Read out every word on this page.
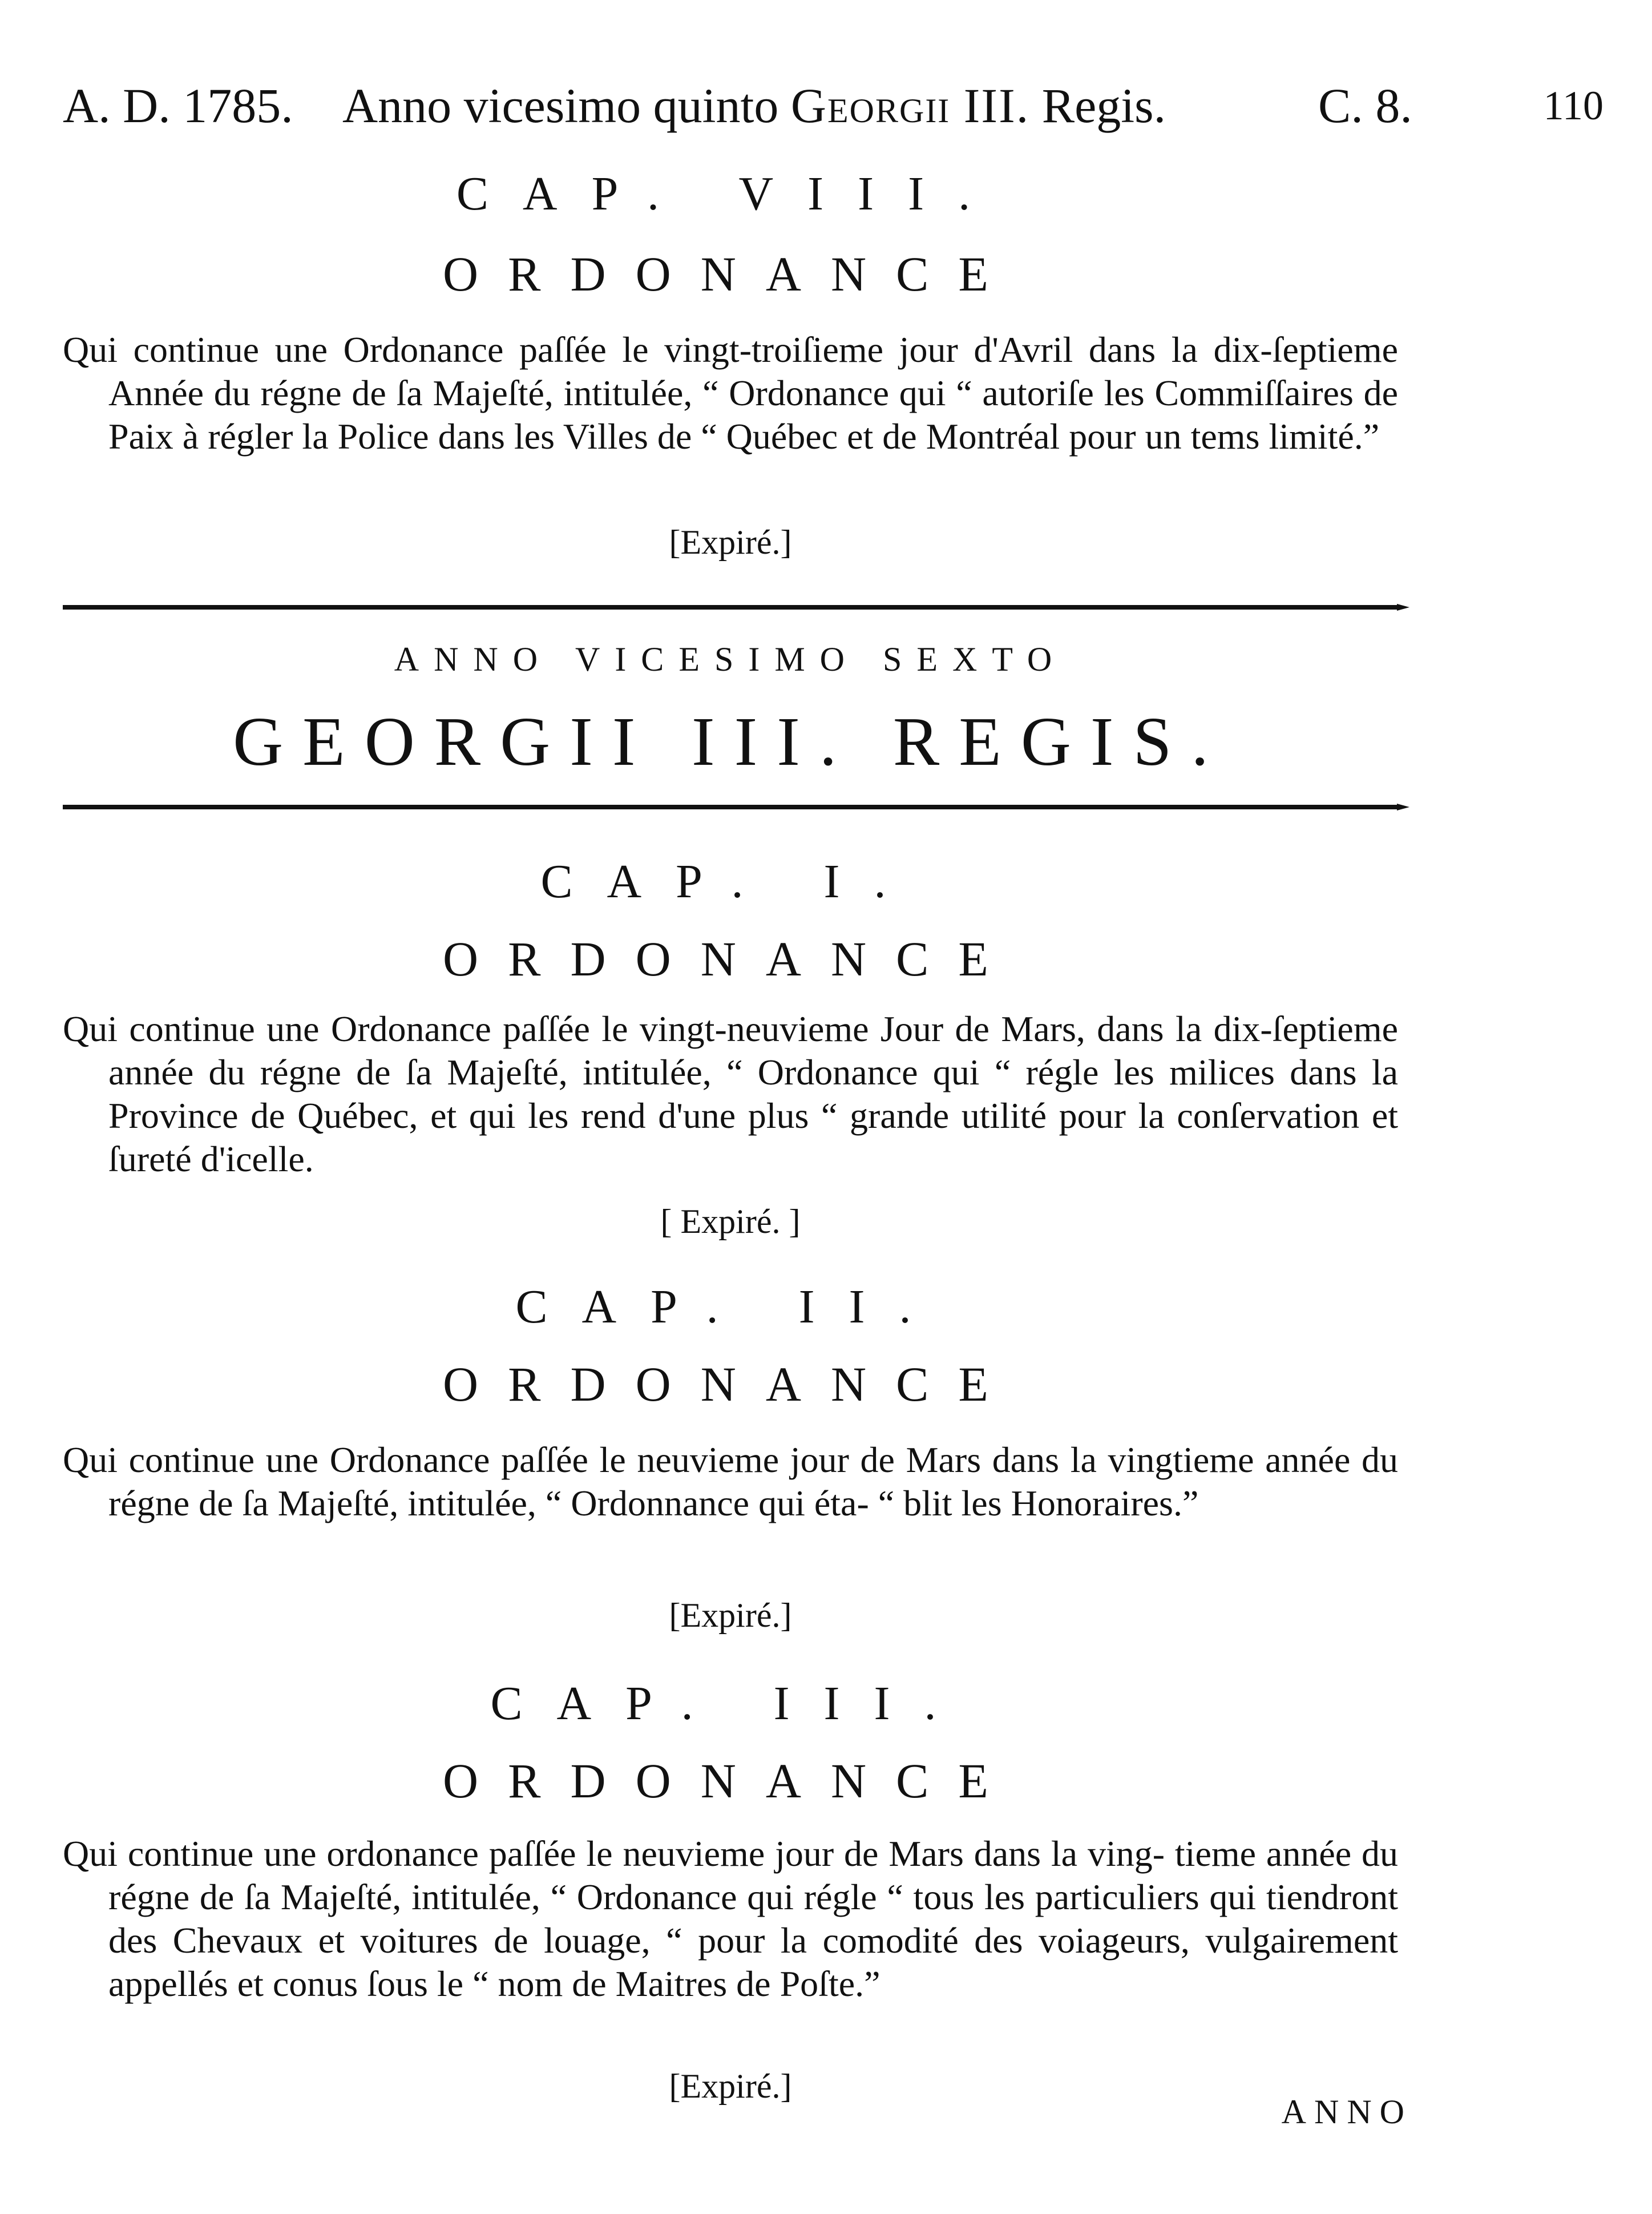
A. D. 1785. Anno vicesimo quinto Georgii III. Regis.	C. 8.	110
CAP. VIII.
ORDONANCE
Qui continue une Ordonance paſſée le vingt-troiſieme jour d'Avril dans la dix-ſeptieme Année du régne de ſa Majeſté, intitulée, “ Ordonance qui “ autoriſe les Commiſſaires de Paix à régler la Police dans les Villes de “ Québec et de Montréal pour un tems limité.”
[Expiré.]
ANNO VICESIMO SEXTO
GEORGII III. REGIS.
CAP. I.
ORDONANCE
Qui continue une Ordonance paſſée le vingt-neuvieme Jour de Mars, dans la dix-ſeptieme année du régne de ſa Majeſté, intitulée, “ Ordonance qui “ régle les milices dans la Province de Québec, et qui les rend d'une plus “ grande utilité pour la conſervation et ſureté d'icelle.
[ Expiré. ]
CAP. II.
ORDONANCE
Qui continue une Ordonance paſſée le neuvieme jour de Mars dans la vingtieme année du régne de ſa Majeſté, intitulée, “ Ordonnance qui éta- “ blit les Honoraires.”
[Expiré.]
CAP. III.
ORDONANCE
Qui continue une ordonance paſſée le neuvieme jour de Mars dans la ving- tieme année du régne de ſa Majeſté, intitulée, “ Ordonance qui régle “ tous les particuliers qui tiendront des Chevaux et voitures de louage, “ pour la comodité des voiageurs, vulgairement appellés et conus ſous le “ nom de Maitres de Poſte.”
[Expiré.]
ANNO
